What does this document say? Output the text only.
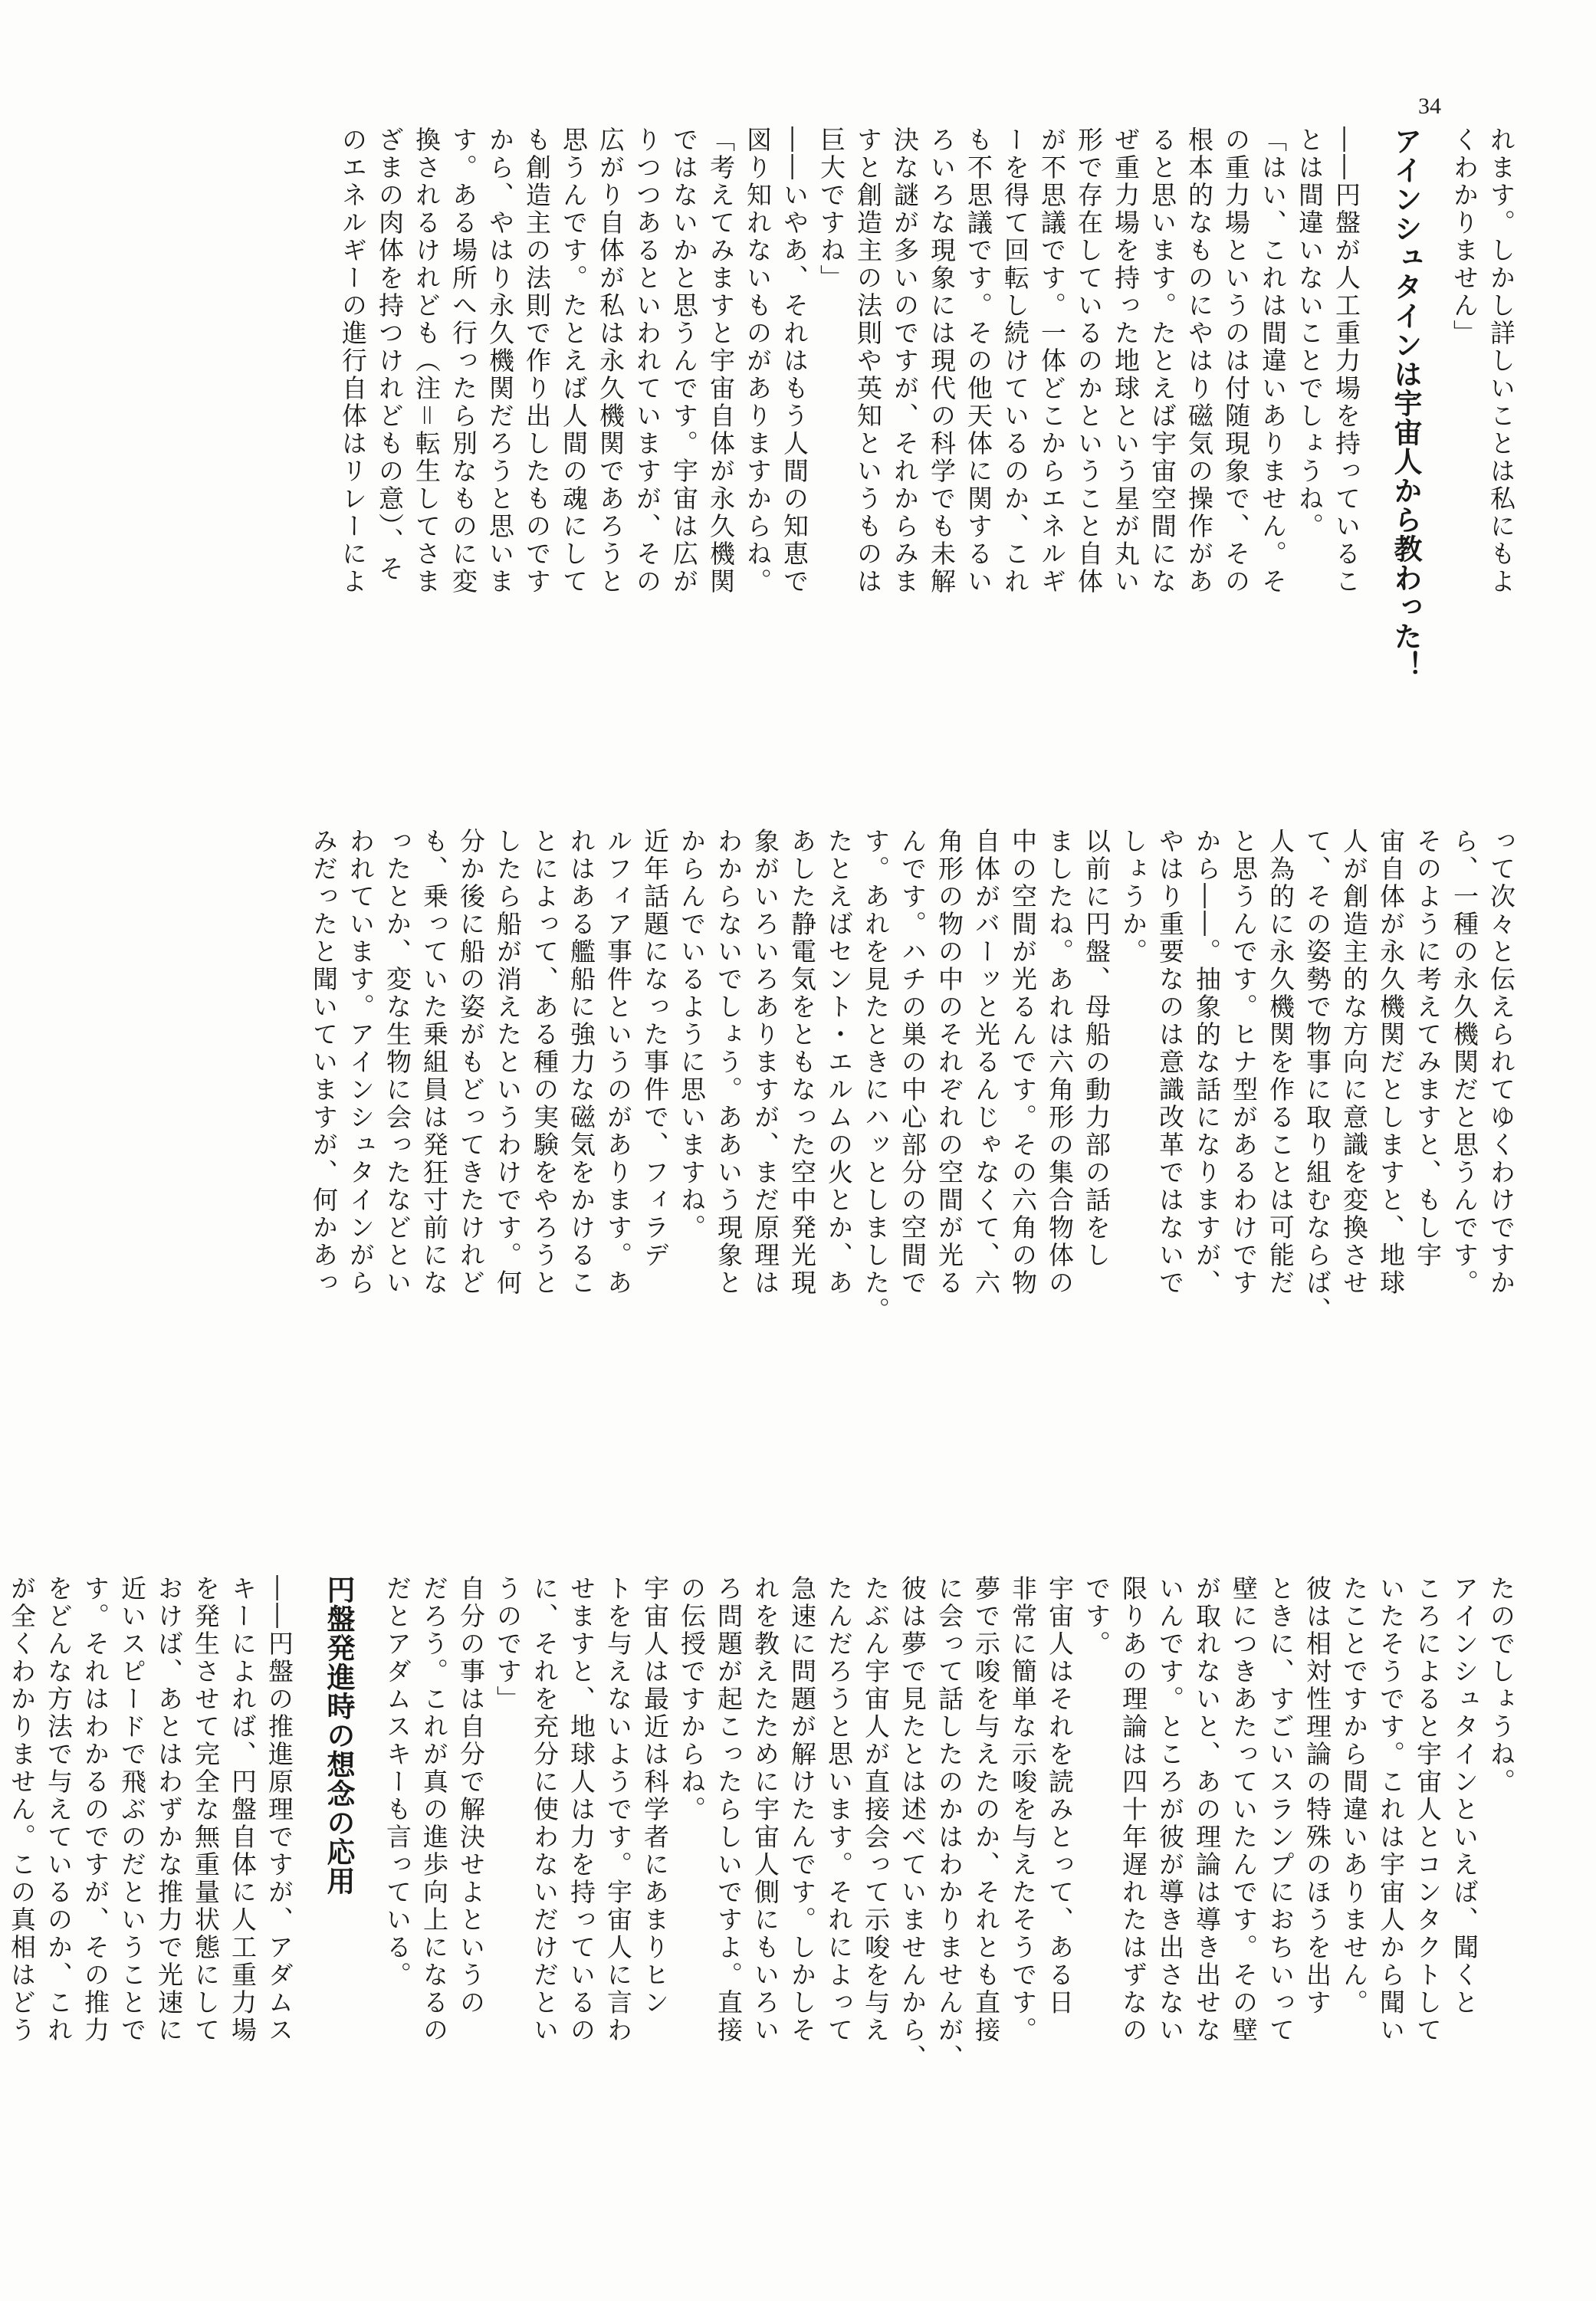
34
れます。しかし詳しいことは私にもよ
くわかりません」
アインシュタインは宇宙人から教わった！
――円盤が人工重力場を持っているこ
とは間違いないことでしょうね。
「はい、これは間違いありません。そ
の重力場というのは付随現象で、その
根本的なものにやはり磁気の操作があ
ると思います。たとえば宇宙空間にな
ぜ重力場を持った地球という星が丸い
形で存在しているのかということ自体
が不思議です。一体どこからエネルギ
ーを得て回転し続けているのか、これ
も不思議です。その他天体に関するい
ろいろな現象には現代の科学でも未解
決な謎が多いのですが、それからみま
すと創造主の法則や英知というものは
巨大ですね」
――いやあ、それはもう人間の知恵で
図り知れないものがありますからね。
「考えてみますと宇宙自体が永久機関
ではないかと思うんです。宇宙は広が
りつつあるといわれていますが、その
広がり自体が私は永久機関であろうと
思うんです。たとえば人間の魂にして
も創造主の法則で作り出したものです
から、やはり永久機関だろうと思いま
す。ある場所へ行ったら別なものに変
換されるけれども（注＝転生してさま
ざまの肉体を持つけれどもの意）、そ
のエネルギーの進行自体はリレーによ
って次々と伝えられてゆくわけですか
ら、一種の永久機関だと思うんです。
そのように考えてみますと、もし宇
宙自体が永久機関だとしますと、地球
人が創造主的な方向に意識を変換させ
て、その姿勢で物事に取り組むならば、
人為的に永久機関を作ることは可能だ
と思うんです。ヒナ型があるわけです
から――。抽象的な話になりますが、
やはり重要なのは意識改革ではないで
しょうか。
以前に円盤、母船の動力部の話をし
ましたね。あれは六角形の集合物体の
中の空間が光るんです。その六角の物
自体がバーッと光るんじゃなくて、六
角形の物の中のそれぞれの空間が光る
んです。ハチの巣の中心部分の空間で
す。あれを見たときにハッとしました。
たとえばセント・エルムの火とか、あ
あした静電気をともなった空中発光現
象がいろいろありますが、まだ原理は
わからないでしょう。ああいう現象と
からんでいるように思いますね。
近年話題になった事件で、フィラデ
ルフィア事件というのがあります。あ
れはある艦船に強力な磁気をかけるこ
とによって、ある種の実験をやろうと
したら船が消えたというわけです。何
分か後に船の姿がもどってきたけれど
も、乗っていた乗組員は発狂寸前にな
ったとか、変な生物に会ったなどとい
われています。アインシュタインがら
みだったと聞いていますが、何かあっ
たのでしょうね。
アインシュタインといえば、聞くと
ころによると宇宙人とコンタクトして
いたそうです。これは宇宙人から聞い
たことですから間違いありません。
彼は相対性理論の特殊のほうを出す
ときに、すごいスランプにおちいって
壁につきあたっていたんです。その壁
が取れないと、あの理論は導き出せな
いんです。ところが彼が導き出さない
限りあの理論は四十年遅れたはずなの
です。
宇宙人はそれを読みとって、ある日
非常に簡単な示唆を与えたそうです。
夢で示唆を与えたのか、それとも直接
に会って話したのかはわかりませんが、
彼は夢で見たとは述べていませんから、
たぶん宇宙人が直接会って示唆を与え
たんだろうと思います。それによって
急速に問題が解けたんです。しかしそ
れを教えたために宇宙人側にもいろい
ろ問題が起こったらしいですよ。直接
の伝授ですからね。
宇宙人は最近は科学者にあまりヒン
トを与えないようです。宇宙人に言わ
せますと、地球人は力を持っているの
に、それを充分に使わないだけだとい
うのです」
自分の事は自分で解決せよというの
だろう。これが真の進歩向上になるの
だとアダムスキーも言っている。
円盤発進時の想念の応用
――円盤の推進原理ですが、アダムス
キーによれば、円盤自体に人工重力場
を発生させて完全な無重量状態にして
おけば、あとはわずかな推力で光速に
近いスピードで飛ぶのだということで
す。それはわかるのですが、その推力
をどんな方法で与えているのか、これ
が全くわかりません。この真相はどう
